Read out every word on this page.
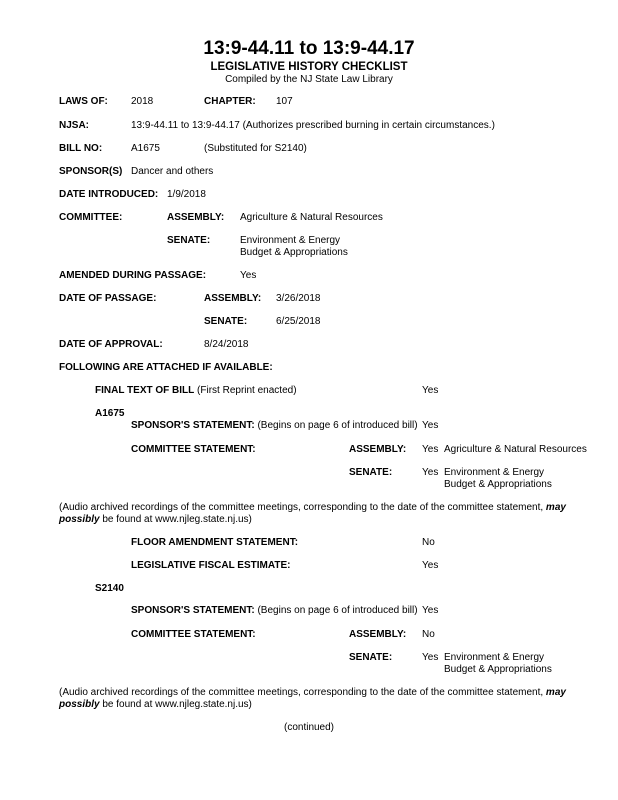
13:9-44.11 to 13:9-44.17
LEGISLATIVE HISTORY CHECKLIST
Compiled by the NJ State Law Library
LAWS OF: 2018	CHAPTER: 107
NJSA:	13:9-44.11 to 13:9-44.17 (Authorizes prescribed burning in certain circumstances.)
BILL NO:	A1675	(Substituted for S2140)
SPONSOR(S) Dancer and others
DATE INTRODUCED: 1/9/2018
COMMITTEE:	ASSEMBLY: Agriculture & Natural Resources
SENATE:	Environment & Energy
Budget & Appropriations
AMENDED DURING PASSAGE:	Yes
DATE OF PASSAGE:	ASSEMBLY: 3/26/2018
SENATE:	6/25/2018
DATE OF APPROVAL:	8/24/2018
FOLLOWING ARE ATTACHED IF AVAILABLE:
FINAL TEXT OF BILL (First Reprint enacted)	Yes
A1675
SPONSOR'S STATEMENT: (Begins on page 6 of introduced bill) Yes
COMMITTEE STATEMENT:	ASSEMBLY: Yes Agriculture & Natural Resources
SENATE:	Yes Environment & Energy
Budget & Appropriations
(Audio archived recordings of the committee meetings, corresponding to the date of the committee statement, may possibly be found at www.njleg.state.nj.us)
FLOOR AMENDMENT STATEMENT:	No
LEGISLATIVE FISCAL ESTIMATE:	Yes
S2140
SPONSOR'S STATEMENT: (Begins on page 6 of introduced bill) Yes
COMMITTEE STATEMENT:	ASSEMBLY: No
SENATE:	Yes Environment & Energy
Budget & Appropriations
(Audio archived recordings of the committee meetings, corresponding to the date of the committee statement, may possibly be found at www.njleg.state.nj.us)
(continued)
